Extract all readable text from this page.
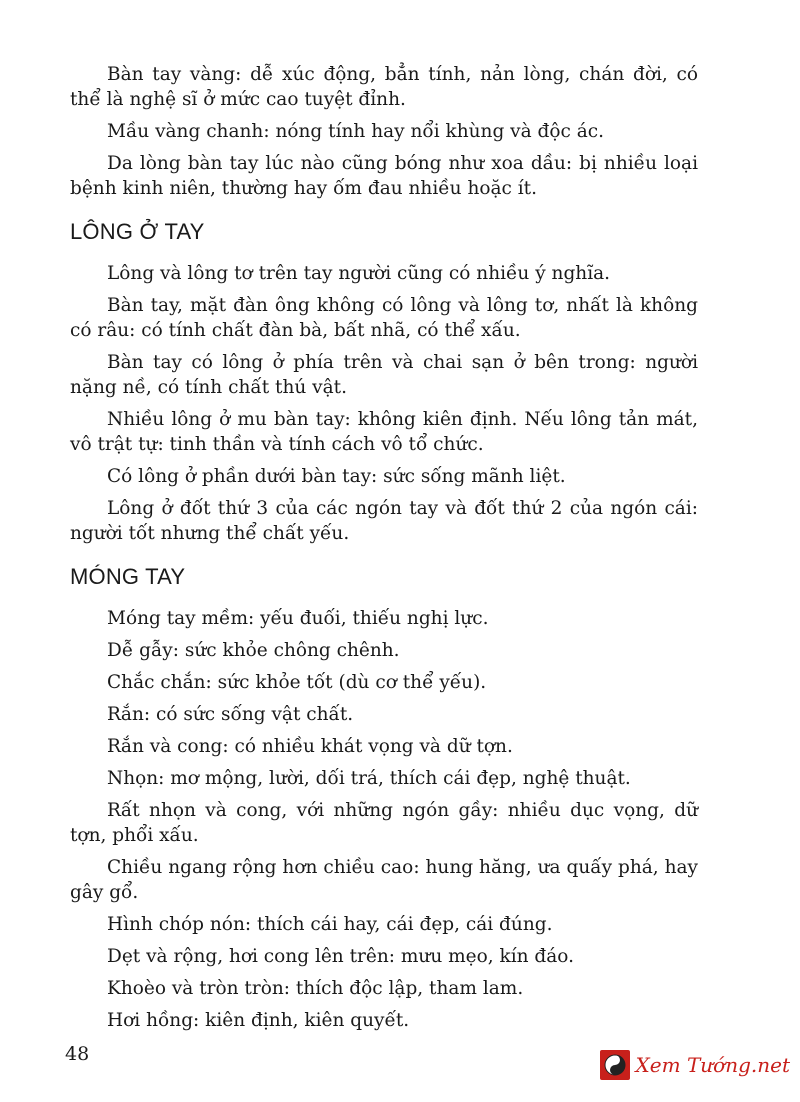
Bàn tay vàng: dễ xúc động, bẳn tính, nản lòng, chán đời, có thể là nghệ sĩ ở mức cao tuyệt đỉnh.

Mầu vàng chanh: nóng tính hay nổi khùng và độc ác.

Da lòng bàn tay lúc nào cũng bóng như xoa dầu: bị nhiều loại bệnh kinh niên, thường hay ốm đau nhiều hoặc ít.

LÔNG Ở TAY

Lông và lông tơ trên tay người cũng có nhiều ý nghĩa.

Bàn tay, mặt đàn ông không có lông và lông tơ, nhất là không có râu: có tính chất đàn bà, bất nhã, có thể xấu.

Bàn tay có lông ở phía trên và chai sạn ở bên trong: người nặng nề, có tính chất thú vật.

Nhiều lông ở mu bàn tay: không kiên định. Nếu lông tản mát, vô trật tự: tinh thần và tính cách vô tổ chức.

Có lông ở phần dưới bàn tay: sức sống mãnh liệt.

Lông ở đốt thứ 3 của các ngón tay và đốt thứ 2 của ngón cái: người tốt nhưng thể chất yếu.

MÓNG TAY

Móng tay mềm: yếu đuối, thiếu nghị lực.

Dễ gẫy: sức khỏe chông chênh.

Chắc chắn: sức khỏe tốt (dù cơ thể yếu).

Rắn: có sức sống vật chất.

Rắn và cong: có nhiều khát vọng và dữ tợn.

Nhọn: mơ mộng, lười, dối trá, thích cái đẹp, nghệ thuật.

Rất nhọn và cong, với những ngón gầy: nhiều dục vọng, dữ tợn, phổi xấu.

Chiều ngang rộng hơn chiều cao: hung hăng, ưa quấy phá, hay gây gổ.

Hình chóp nón: thích cái hay, cái đẹp, cái đúng.

Dẹt và rộng, hơi cong lên trên: mưu mẹo, kín đáo.

Khoèo và tròn tròn: thích độc lập, tham lam.

Hơi hồng: kiên định, kiên quyết.

48	Xem Tướng.net
